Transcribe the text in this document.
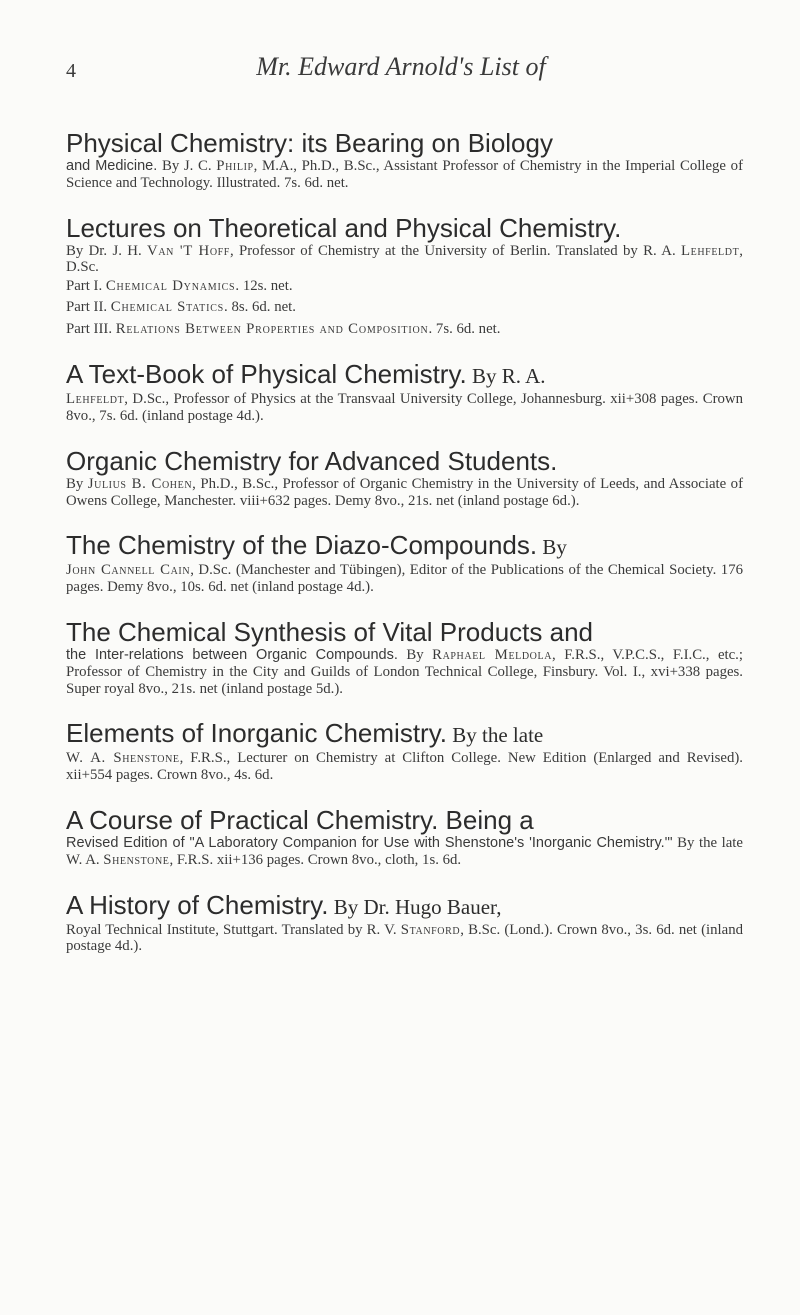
4	Mr. Edward Arnold's List of
Physical Chemistry: its Bearing on Biology
and Medicine. By J. C. Philip, M.A., Ph.D., B.Sc., Assistant Professor of Chemistry in the Imperial College of Science and Technology. Illustrated. 7s. 6d. net.
Lectures on Theoretical and Physical Chemistry.
By Dr. J. H. Van 'T Hoff, Professor of Chemistry at the University of Berlin. Translated by R. A. Lehfeldt, D.Sc.
Part I. Chemical Dynamics. 12s. net.
Part II. Chemical Statics. 8s. 6d. net.
Part III. Relations Between Properties and Composition. 7s. 6d. net.
A Text-Book of Physical Chemistry. By R. A.
Lehfeldt, D.Sc., Professor of Physics at the Transvaal University College, Johannesburg. xii+308 pages. Crown 8vo., 7s. 6d. (inland postage 4d.).
Organic Chemistry for Advanced Students.
By Julius B. Cohen, Ph.D., B.Sc., Professor of Organic Chemistry in the University of Leeds, and Associate of Owens College, Manchester. viii+632 pages. Demy 8vo., 21s. net (inland postage 6d.).
The Chemistry of the Diazo-Compounds. By
John Cannell Cain, D.Sc. (Manchester and Tübingen), Editor of the Publications of the Chemical Society. 176 pages. Demy 8vo., 10s. 6d. net (inland postage 4d.).
The Chemical Synthesis of Vital Products and
the Inter-relations between Organic Compounds. By Raphael Meldola, F.R.S., V.P.C.S., F.I.C., etc.; Professor of Chemistry in the City and Guilds of London Technical College, Finsbury. Vol. I., xvi+338 pages. Super royal 8vo., 21s. net (inland postage 5d.).
Elements of Inorganic Chemistry. By the late
W. A. Shenstone, F.R.S., Lecturer on Chemistry at Clifton College. New Edition (Enlarged and Revised). xii+554 pages. Crown 8vo., 4s. 6d.
A Course of Practical Chemistry. Being a
Revised Edition of "A Laboratory Companion for Use with Shenstone's 'Inorganic Chemistry.'" By the late W. A. Shenstone, F.R.S. xii+136 pages. Crown 8vo., cloth, 1s. 6d.
A History of Chemistry. By Dr. Hugo Bauer,
Royal Technical Institute, Stuttgart. Translated by R. V. Stanford, B.Sc. (Lond.). Crown 8vo., 3s. 6d. net (inland postage 4d.).
